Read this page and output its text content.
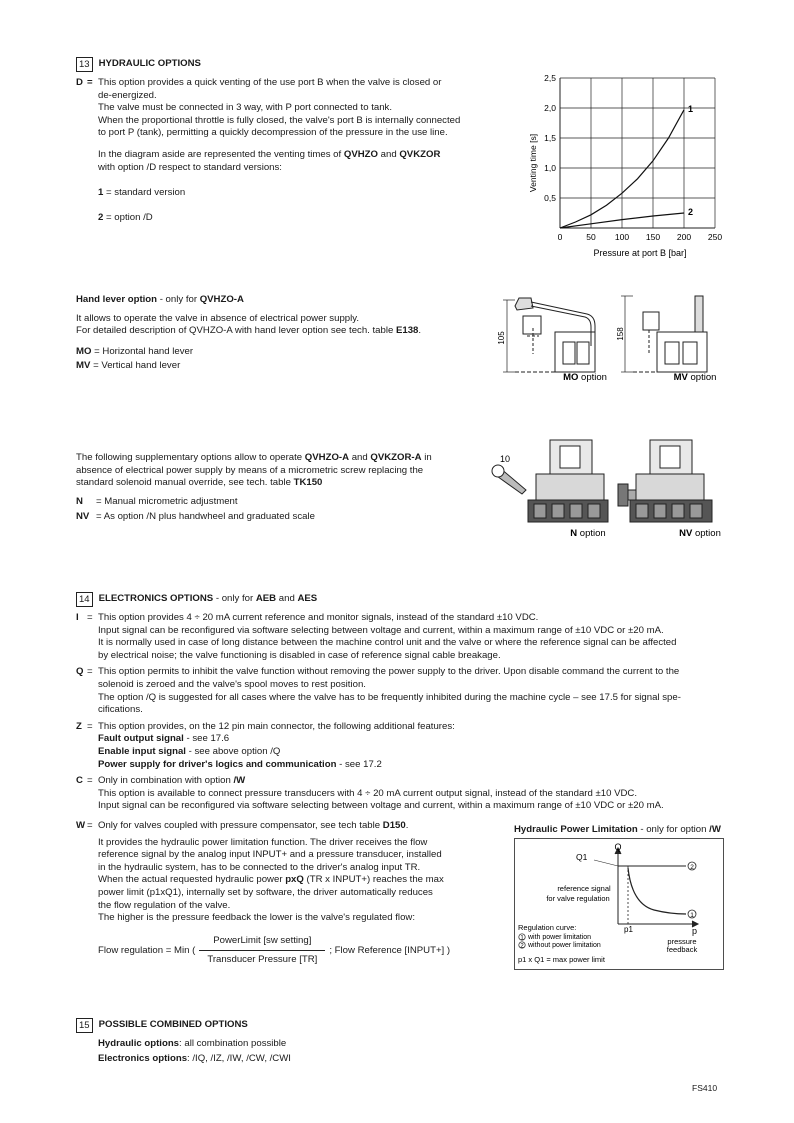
13 HYDRAULIC OPTIONS
D = This option provides a quick venting of the use port B when the valve is closed or

de-energized.

The valve must be connected in 3 way, with P port connected to tank.

When the proportional throttle is fully closed, the valve's port B is internally connected

to port P (tank), permitting a quickly decompression of the pressure in the use line.

In the diagram aside are represented the venting times of QVHZO and QVKZOR

with option /D respect to standard versions:

1 = standard version

2 = option /D

1
2
0	50 100 150 200 250
0,5
1,0
1,5
2,0
2,5
Pressure at port B [bar]
Venting time [s]

Hand lever option - only for QVHZO-A

It allows to operate the valve in absence of electrical power supply.

For detailed description of QVHZO-A with hand lever option see tech. table E138.

MO = Horizontal hand lever

MV = Vertical hand lever

105
MO option
158
MV option

The following supplementary options allow to operate QVHZO-A and QVKZOR-A in

absence of electrical power supply by means of a micrometric screw replacing the

standard solenoid manual override, see tech. table TK150

N = Manual micrometric adjustment

NV = As option /N plus handwheel and graduated scale

10
N option	NV option
14 ELECTRONICS OPTIONS - only for AEB and AES
I = This option provides 4 ÷ 20 mA current reference and monitor signals, instead of the standard ±10 VDC.

Input signal can be reconfigured via software selecting between voltage and current, within a maximum range of ±10 VDC or ±20 mA.

It is normally used in case of long distance between the machine control unit and the valve or where the reference signal can be affected

by electrical noise; the valve functioning is disabled in case of reference signal cable breakage.

Q = This option permits to inhibit the valve function without removing the power supply to the driver. Upon disable command the current to the

solenoid is zeroed and the valve's spool moves to rest position.

The option /Q is suggested for all cases where the valve has to be frequently inhibited during the machine cycle – see 17.5 for signal spe-

cifications.

Z = This option provides, on the 12 pin main connector, the following additional features:

Fault output signal - see 17.6

Enable input signal - see above option /Q

Power supply for driver's logics and communication - see 17.2

C = Only in combination with option /W

This option is available to connect pressure transducers with 4 ÷ 20 mA current output signal, instead of the standard ±10 VDC.

Input signal can be reconfigured via software selecting between voltage and current, within a maximum range of ±10 VDC or ±20 mA.

W = Only for valves coupled with pressure compensator, see tech table D150.

It provides the hydraulic power limitation function. The driver receives the flow

reference signal by the analog input INPUT+ and a pressure transducer, installed

in the hydraulic system, has to be connected to the driver's analog input TR.

When the actual requested hydraulic power pxQ (TR x INPUT+) reaches the max

power limit (p1xQ1), internally set by software, the driver automatically reduces

the flow regulation of the valve.

The higher is the pressure feedback the lower is the valve's regulated flow:

Flow regulation = Min ( $\frac{\text{PowerLimit [sw setting]}}{\text{Transducer Pressure [TR]}}$ ; Flow Reference [INPUT+] )
Hydraulic Power Limitation - only for option /W
Q
Q1
reference signal
for valve regulation
p1	p
pressure
feedback
2
1
Regulation curve:
1 with power limitation
2 without power limitation
p1 x Q1 = max power limit
15 POSSIBLE COMBINED OPTIONS

Hydraulic options: all combination possible

Electronics options: /IQ, /IZ, /IW, /CW, /CWI

FS410
